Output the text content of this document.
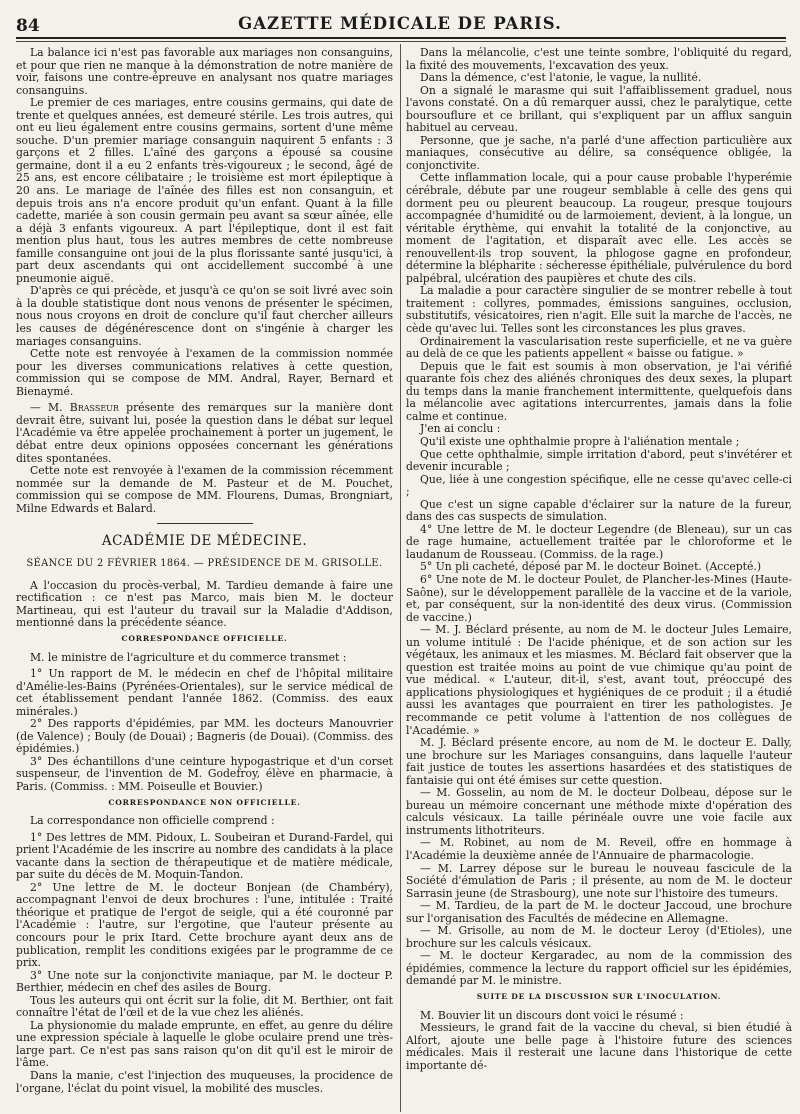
84	GAZETTE MÉDICALE DE PARIS.

La balance ici n'est pas favorable aux mariages non consanguins, et pour que rien ne manque à la démonstration de notre manière de voir, faisons une contre-épreuve en analysant nos quatre mariages consanguins.

Le premier de ces mariages, entre cousins germains, qui date de trente et quelques années, est demeuré stérile. Les trois autres, qui ont eu lieu également entre cousins germains, sortent d'une même souche. D'un premier mariage consanguin naquirent 5 enfants : 3 garçons et 2 filles. L'aîné des garçons a épousé sa cousine germaine, dont il a eu 2 enfants très-vigoureux ; le second, âgé de 25 ans, est encore célibataire ; le troisième est mort épileptique à 20 ans. Le mariage de l'aînée des filles est non consanguin, et depuis trois ans n'a encore produit qu'un enfant. Quant à la fille cadette, mariée à son cousin germain peu avant sa sœur aînée, elle a déjà 3 enfants vigoureux. A part l'épileptique, dont il est fait mention plus haut, tous les autres membres de cette nombreuse famille consanguine ont joui de la plus florissante santé jusqu'ici, à part deux ascendants qui ont accidellement succombé à une pneumonie aiguë.

D'après ce qui précède, et jusqu'à ce qu'on se soit livré avec soin à la double statistique dont nous venons de présenter le spécimen, nous nous croyons en droit de conclure qu'il faut chercher ailleurs les causes de dégénérescence dont on s'ingénie à charger les mariages consanguins.

Cette note est renvoyée à l'examen de la commission nommée pour les diverses communications relatives à cette question, commission qui se compose de MM. Andral, Rayer, Bernard et Bienaymé.

— M. Brasseur présente des remarques sur la manière dont devrait être, suivant lui, posée la question dans le débat sur lequel l'Académie va être appelée prochainement à porter un jugement, le débat entre deux opinions opposées concernant les générations dites spontanées.

Cette note est renvoyée à l'examen de la commission récemment nommée sur la demande de M. Pasteur et de M. Pouchet, commission qui se compose de MM. Flourens, Dumas, Brongniart, Milne Edwards et Balard.

ACADÉMIE DE MÉDECINE.

SÉANCE DU 2 FÉVRIER 1864. — PRÉSIDENCE DE M. GRISOLLE.

A l'occasion du procès-verbal, M. Tardieu demande à faire une rectification : ce n'est pas Marco, mais bien M. le docteur Martineau, qui est l'auteur du travail sur la Maladie d'Addison, mentionné dans la précédente séance.

CORRESPONDANCE OFFICIELLE.

M. le ministre de l'agriculture et du commerce transmet :

1° Un rapport de M. le médecin en chef de l'hôpital militaire d'Amélie-les-Bains (Pyrénées-Orientales), sur le service médical de cet établissement pendant l'année 1862. (Commiss. des eaux minérales.)

2° Des rapports d'épidémies, par MM. les docteurs Manouvrier (de Valence) ; Bouly (de Douai) ; Bagneris (de Douai). (Commiss. des épidémies.)

3° Des échantillons d'une ceinture hypogastrique et d'un corset suspenseur, de l'invention de M. Godefroy, élève en pharmacie, à Paris. (Commiss. : MM. Poiseulle et Bouvier.)

CORRESPONDANCE NON OFFICIELLE.

La correspondance non officielle comprend :

1° Des lettres de MM. Pidoux, L. Soubeiran et Durand-Fardel, qui prient l'Académie de les inscrire au nombre des candidats à la place vacante dans la section de thérapeutique et de matière médicale, par suite du décès de M. Moquin-Tandon.

2° Une lettre de M. le docteur Bonjean (de Chambéry), accompagnant l'envoi de deux brochures : l'une, intitulée : Traité théorique et pratique de l'ergot de seigle, qui a été couronné par l'Académie : l'autre, sur l'ergotine, que l'auteur présente au concours pour le prix Itard. Cette brochure ayant deux ans de publication, remplit les conditions exigées par le programme de ce prix.

3° Une note sur la conjonctivite maniaque, par M. le docteur P. Berthier, médecin en chef des asiles de Bourg.

Tous les auteurs qui ont écrit sur la folie, dit M. Berthier, ont fait connaître l'état de l'œil et de la vue chez les aliénés.

La physionomie du malade emprunte, en effet, au genre du délire une expression spéciale à laquelle le globe oculaire prend une très-large part. Ce n'est pas sans raison qu'on dit qu'il est le miroir de l'âme.

Dans la manie, c'est l'injection des muqueuses, la procidence de l'organe, l'éclat du point visuel, la mobilité des muscles.

Dans la mélancolie, c'est une teinte sombre, l'obliquité du regard, la fixité des mouvements, l'excavation des yeux.

Dans la démence, c'est l'atonie, le vague, la nullité.

On a signalé le marasme qui suit l'affaiblissement graduel, nous l'avons constaté. On a dû remarquer aussi, chez le paralytique, cette boursouflure et ce brillant, qui s'expliquent par un afflux sanguin habituel au cerveau.

Personne, que je sache, n'a parlé d'une affection particulière aux maniaques, consécutive au délire, sa conséquence obligée, la conjonctivite.

Cette inflammation locale, qui a pour cause probable l'hyperémie cérébrale, débute par une rougeur semblable à celle des gens qui dorment peu ou pleurent beaucoup. La rougeur, presque toujours accompagnée d'humidité ou de larmoiement, devient, à la longue, un véritable érythème, qui envahit la totalité de la conjonctive, au moment de l'agitation, et disparaît avec elle. Les accès se renouvellent-ils trop souvent, la phlogose gagne en profondeur, détermine la blépharite : sécheresse épithéliale, pulvérulence du bord palpébral, ulcération des paupières et chute des cils.

La maladie a pour caractère singulier de se montrer rebelle à tout traitement : collyres, pommades, émissions sanguines, occlusion, substitutifs, vésicatoires, rien n'agit. Elle suit la marche de l'accès, ne cède qu'avec lui. Telles sont les circonstances les plus graves.

Ordinairement la vascularisation reste superficielle, et ne va guère au delà de ce que les patients appellent « baisse ou fatigue. »

Depuis que le fait est soumis à mon observation, je l'ai vérifié quarante fois chez des aliénés chroniques des deux sexes, la plupart du temps dans la manie franchement intermittente, quelquefois dans la mélancolie avec agitations intercurrentes, jamais dans la folie calme et continue.

J'en ai conclu :

Qu'il existe une ophthalmie propre à l'aliénation mentale ;

Que cette ophthalmie, simple irritation d'abord, peut s'invétérer et devenir incurable ;

Que, liée à une congestion spécifique, elle ne cesse qu'avec celle-ci ;

Que c'est un signe capable d'éclairer sur la nature de la fureur, dans des cas suspects de simulation.

4° Une lettre de M. le docteur Legendre (de Bleneau), sur un cas de rage humaine, actuellement traitée par le chloroforme et le laudanum de Rousseau. (Commiss. de la rage.)

5° Un pli cacheté, déposé par M. le docteur Boinet. (Accepté.)

6° Une note de M. le docteur Poulet, de Plancher-les-Mines (Haute-Saône), sur le développement parallèle de la vaccine et de la variole, et, par conséquent, sur la non-identité des deux virus. (Commission de vaccine.)

— M. J. Béclard présente, au nom de M. le docteur Jules Lemaire, un volume intitulé : De l'acide phénique, et de son action sur les végétaux, les animaux et les miasmes. M. Béclard fait observer que la question est traitée moins au point de vue chimique qu'au point de vue médical. « L'auteur, dit-il, s'est, avant tout, préoccupé des applications physiologiques et hygiéniques de ce produit ; il a étudié aussi les avantages que pourraient en tirer les pathologistes. Je recommande ce petit volume à l'attention de nos collègues de l'Académie. »

M. J. Béclard présente encore, au nom de M. le docteur E. Dally, une brochure sur les Mariages consanguins, dans laquelle l'auteur fait justice de toutes les assertions hasardées et des statistiques de fantaisie qui ont été émises sur cette question.

— M. Gosselin, au nom de M. le docteur Dolbeau, dépose sur le bureau un mémoire concernant une méthode mixte d'opération des calculs vésicaux. La taille périnéale ouvre une voie facile aux instruments lithotriteurs.

— M. Robinet, au nom de M. Reveil, offre en hommage à l'Académie la deuxième année de l'Annuaire de pharmacologie.

— M. Larrey dépose sur le bureau le nouveau fascicule de la Société d'émulation de Paris ; il présente, au nom de M. le docteur Sarrasin jeune (de Strasbourg), une note sur l'histoire des tumeurs.

— M. Tardieu, de la part de M. le docteur Jaccoud, une brochure sur l'organisation des Facultés de médecine en Allemagne.

— M. Grisolle, au nom de M. le docteur Leroy (d'Etioles), une brochure sur les calculs vésicaux.

— M. le docteur Kergaradec, au nom de la commission des épidémies, commence la lecture du rapport officiel sur les épidémies, demandé par M. le ministre.

SUITE DE LA DISCUSSION SUR L'INOCULATION.

M. Bouvier lit un discours dont voici le résumé :

Messieurs, le grand fait de la vaccine du cheval, si bien étudié à Alfort, ajoute une belle page à l'histoire future des sciences médicales. Mais il resterait une lacune dans l'historique de cette importante dé-
